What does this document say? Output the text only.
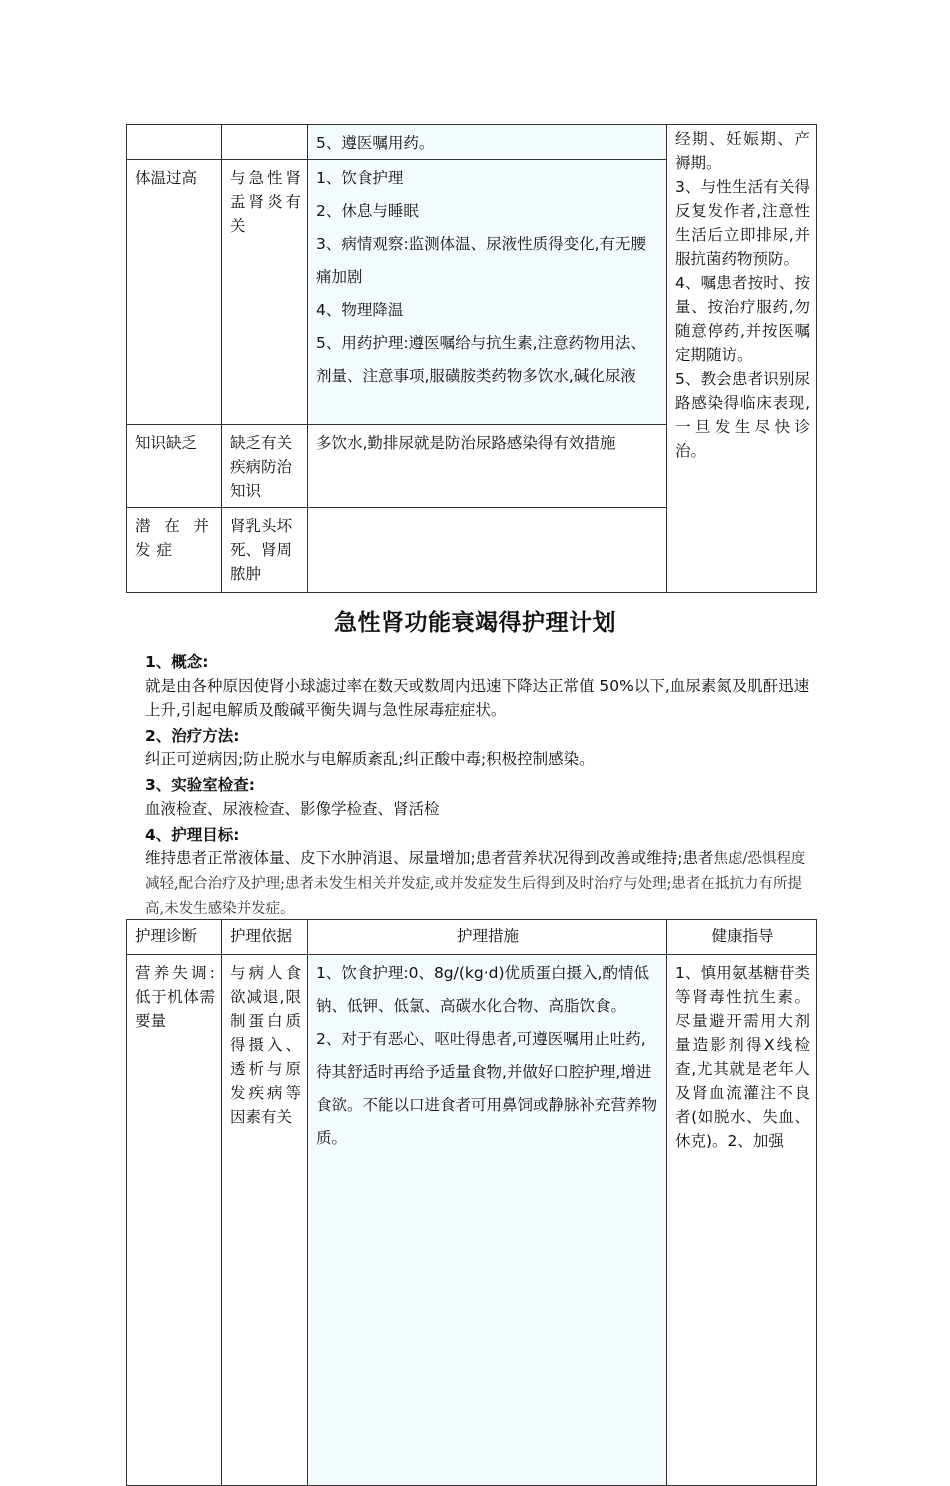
		5、遵医嘱用药。	经期、妊娠期、产褥期。
3、与性生活有关得反复发作者,注意性生活后立即排尿,并服抗菌药物预防。
4、嘱患者按时、按量、按治疗服药,勿随意停药,并按医嘱定期随访。
5、教会患者识别尿路感染得临床表现,一旦发生尽快诊治。
体温过高	与急性肾盂肾炎有关	1、饮食护理

2、休息与睡眠

3、病情观察:监测体温、尿液性质得变化,有无腰痛加剧

4、物理降温

5、用药护理:遵医嘱给与抗生素,注意药物用法、剂量、注意事项,服磺胺类药物多饮水,碱化尿液	

知识缺乏	缺乏有关疾病防治知识	多饮水,勤排尿就是防治尿路感染得有效措施	
潜在并发症	肾乳头坏死、肾周脓肿		
急性肾功能衰竭得护理计划
1、概念:
就是由各种原因使肾小球滤过率在数天或数周内迅速下降达正常值 50%以下,血尿素氮及肌酐迅速上升,引起电解质及酸碱平衡失调与急性尿毒症症状。
2、治疗方法:
纠正可逆病因;防止脱水与电解质紊乱;纠正酸中毒;积极控制感染。
3、实验室检查:
血液检查、尿液检查、影像学检查、肾活检
4、护理目标:
维持患者正常液体量、皮下水肿消退、尿量增加;患者营养状况得到改善或维持;患者焦虑/恐惧程度减轻,配合治疗及护理;患者未发生相关并发症,或并发症发生后得到及时治疗与处理;患者在抵抗力有所提高,未发生感染并发症。
护理诊断	护理依据	护理措施	健康指导
营养失调:低于机体需要量	与病人食欲减退,限制蛋白质得摄入、透析与原发疾病等因素有关	1、饮食护理:0、8g/(kg·d)优质蛋白摄入,酌情低钠、低钾、低氯、高碳水化合物、高脂饮食。

2、对于有恶心、呕吐得患者,可遵医嘱用止吐药,待其舒适时再给予适量食物,并做好口腔护理,增进食欲。不能以口进食者可用鼻饲或静脉补充营养物质。	1、慎用氨基糖苷类等肾毒性抗生素。尽量避开需用大剂量造影剂得X线检查,尤其就是老年人及肾血流灌注不良者(如脱水、失血、休克)。2、加强
